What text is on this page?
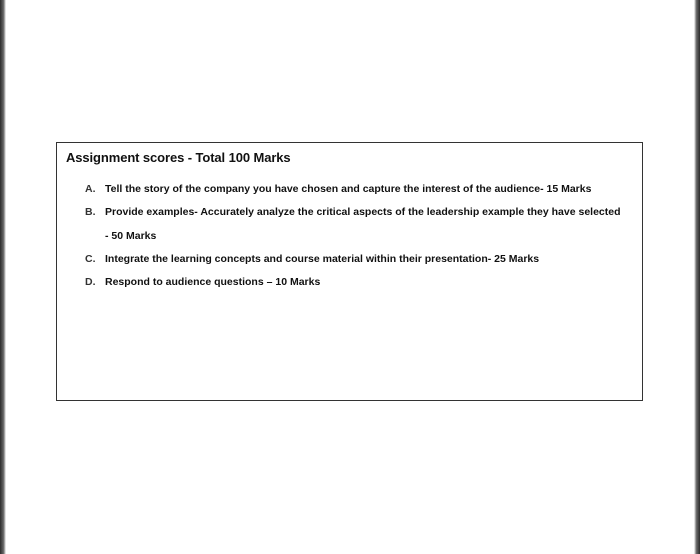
Assignment scores - Total 100 Marks
A. Tell the story of the company you have chosen and capture the interest of the audience- 15 Marks
B. Provide examples- Accurately analyze the critical aspects of the leadership example they have selected - 50 Marks
C. Integrate the learning concepts and course material within their presentation- 25 Marks
D. Respond to audience questions – 10 Marks
